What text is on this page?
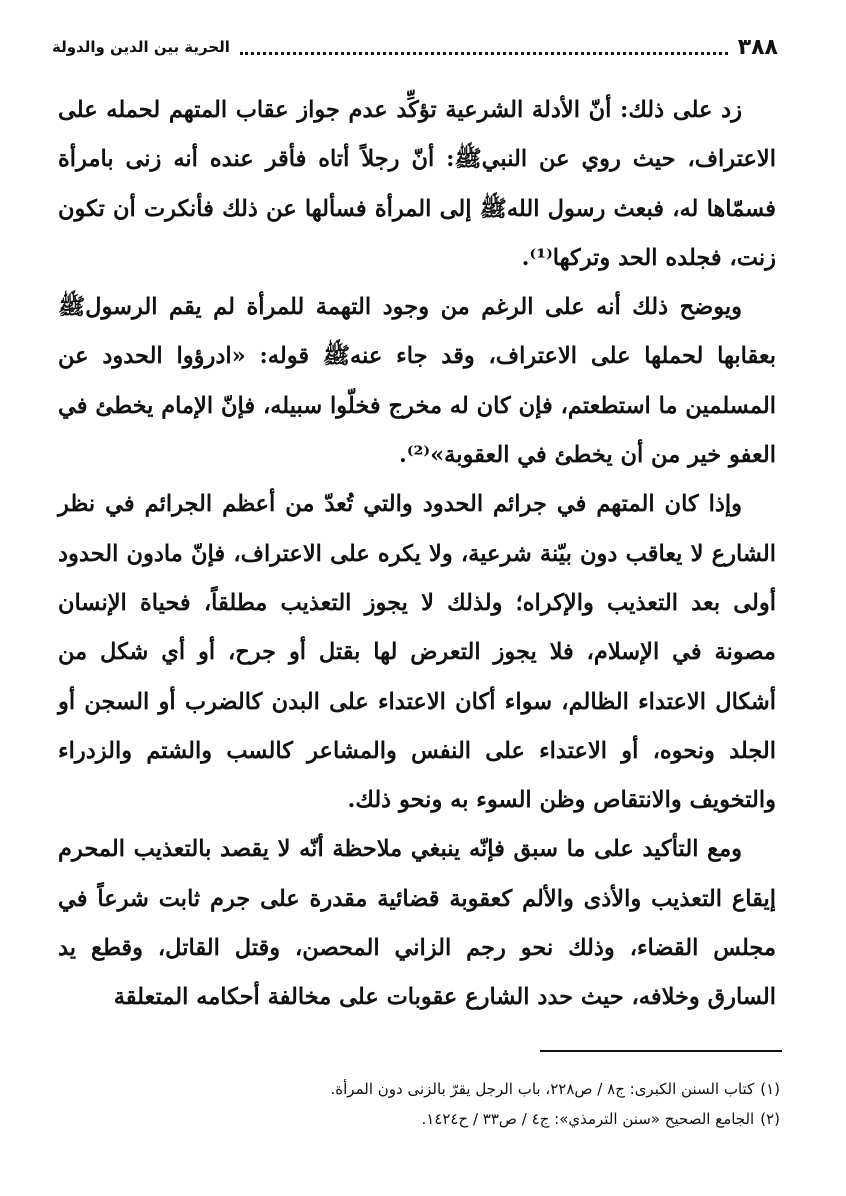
٣٨٨
الحرية بين الدين والدولة

زد على ذلك: أنّ الأدلة الشرعية تؤكِّد عدم جواز عقاب المتهم لحمله على الاعتراف، حيث روي عن النبيﷺ: أنّ رجلاً أتاه فأقر عنده أنه زنى بامرأة فسمّاها له، فبعث رسول اللهﷺ إلى المرأة فسألها عن ذلك فأنكرت أن تكون زنت، فجلده الحد وتركها⁽¹⁾.

ويوضح ذلك أنه على الرغم من وجود التهمة للمرأة لم يقم الرسولﷺ بعقابها لحملها على الاعتراف، وقد جاء عنهﷺ قوله: «ادرؤوا الحدود عن المسلمين ما استطعتم، فإن كان له مخرج فخلّوا سبيله، فإنّ الإمام يخطئ في العفو خير من أن يخطئ في العقوبة»⁽²⁾.

وإذا كان المتهم في جرائم الحدود والتي تُعدّ من أعظم الجرائم في نظر الشارع لا يعاقب دون بيّنة شرعية، ولا يكره على الاعتراف، فإنّ مادون الحدود أولى بعد التعذيب والإكراه؛ ولذلك لا يجوز التعذيب مطلقاً، فحياة الإنسان مصونة في الإسلام، فلا يجوز التعرض لها بقتل أو جرح، أو أي شكل من أشكال الاعتداء الظالم، سواء أكان الاعتداء على البدن كالضرب أو السجن أو الجلد ونحوه، أو الاعتداء على النفس والمشاعر كالسب والشتم والزدراء والتخويف والانتقاص وظن السوء به ونحو ذلك.

ومع التأكيد على ما سبق فإنّه ينبغي ملاحظة أنّه لا يقصد بالتعذيب المحرم إيقاع التعذيب والأذى والألم كعقوبة قضائية مقدرة على جرم ثابت شرعاً في مجلس القضاء، وذلك نحو رجم الزاني المحصن، وقتل القاتل، وقطع يد السارق وخلافه، حيث حدد الشارع عقوبات على مخالفة أحكامه المتعلقة

(١)كتاب السنن الكبرى: ج٨ / ص٢٢٨، باب الرجل يقرّ بالزنى دون المرأة.

(٢)الجامع الصحيح «سنن الترمذي»: ج٤ / ص٣٣ / ح١٤٢٤.
